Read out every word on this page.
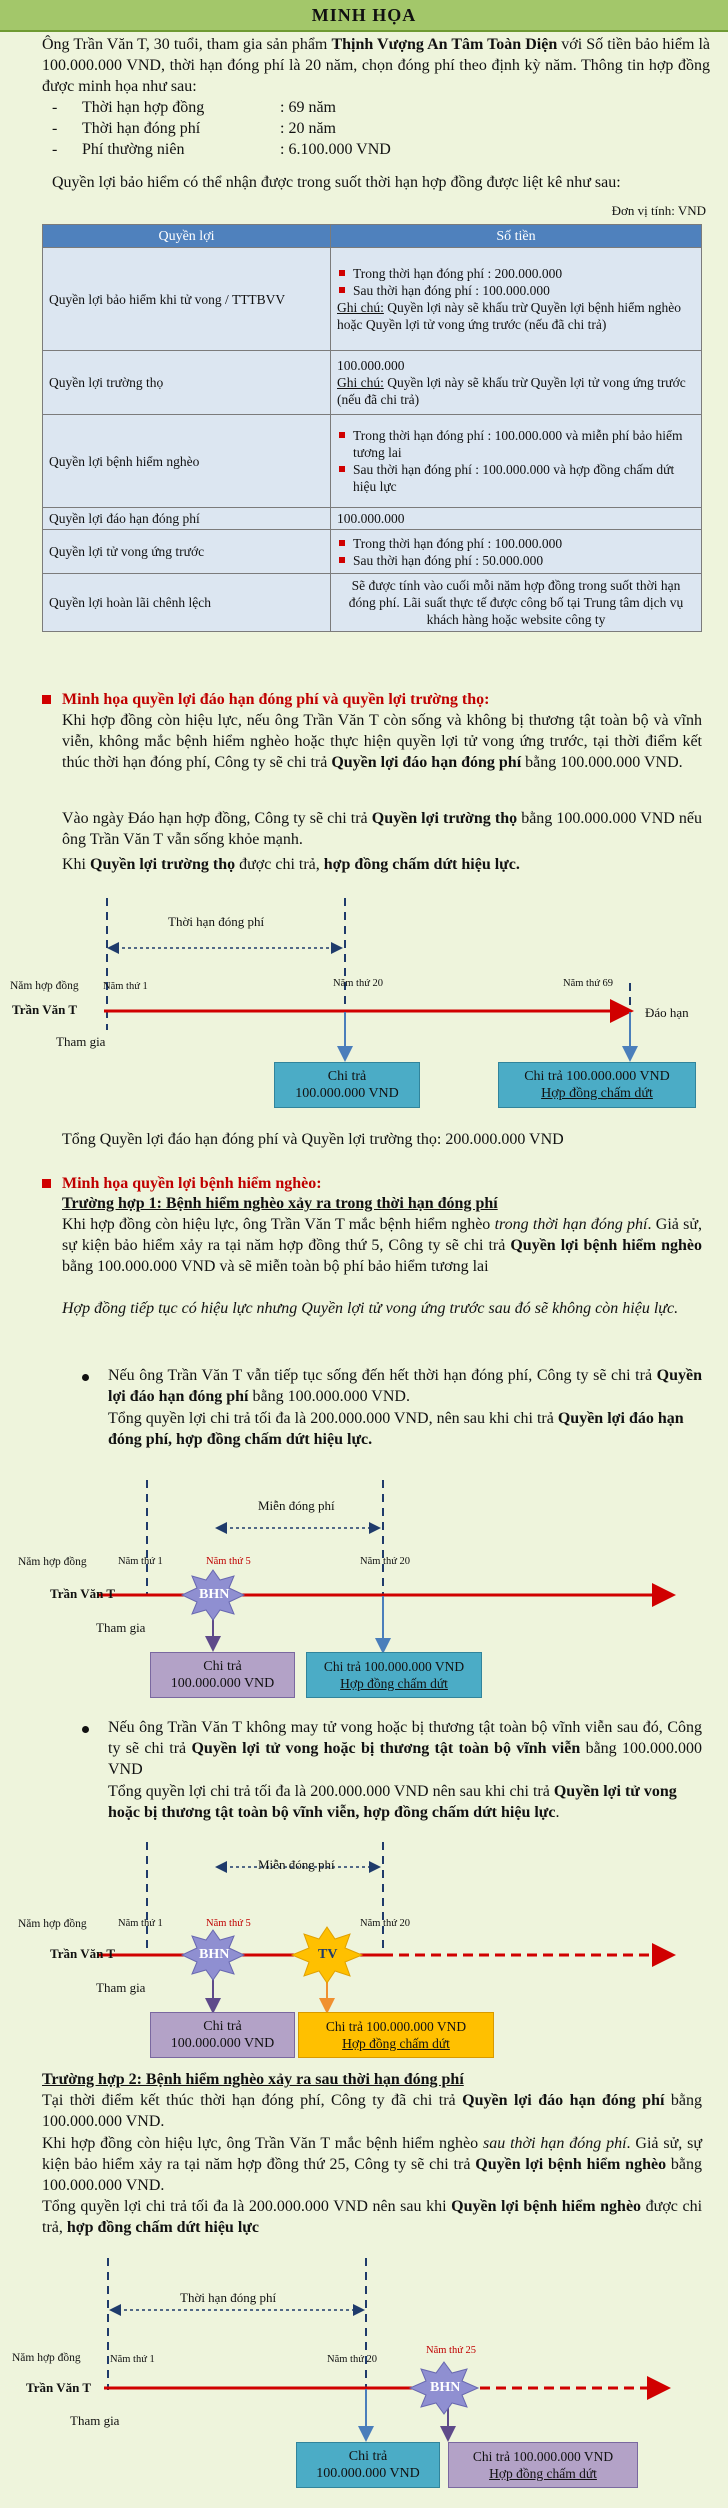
MINH HỌA
Ông Trần Văn T, 30 tuổi, tham gia sản phẩm Thịnh Vượng An Tâm Toàn Diện với Số tiền bảo hiểm là 100.000.000 VND, thời hạn đóng phí là 20 năm, chọn đóng phí theo định kỳ năm. Thông tin hợp đồng được minh họa như sau:
- Thời hạn hợp đồng	: 69 năm
- Thời hạn đóng phí	: 20 năm
- Phí thường niên	: 6.100.000 VND
Quyền lợi bảo hiểm có thể nhận được trong suốt thời hạn hợp đồng được liệt kê như sau:
Đơn vị tính: VND
Quyền lợi	Số tiền
Quyền lợi bảo hiểm khi tử vong / TTTBVV	Trong thời hạn đóng phí : 200.000.000
Sau thời hạn đóng phí : 100.000.000
Ghi chú: Quyền lợi này sẽ khấu trừ Quyền lợi bệnh hiểm nghèo hoặc Quyền lợi tử vong ứng trước (nếu đã chi trả)

Quyền lợi trường thọ	100.000.000
Ghi chú: Quyền lợi này sẽ khấu trừ Quyền lợi tử vong ứng trước (nếu đã chi trả)

Quyền lợi bệnh hiểm nghèo	Trong thời hạn đóng phí : 100.000.000 và miễn phí bảo hiểm tương lai
Sau thời hạn đóng phí : 100.000.000 và hợp đồng chấm dứt hiệu lực

Quyền lợi đáo hạn đóng phí	100.000.000
Quyền lợi tử vong ứng trước	Trong thời hạn đóng phí : 100.000.000
Sau thời hạn đóng phí : 50.000.000

Quyền lợi hoàn lãi chênh lệch	Sẽ được tính vào cuối mỗi năm hợp đồng trong suốt thời hạn đóng phí. Lãi suất thực tế được công bố tại Trung tâm dịch vụ khách hàng hoặc website công ty
Minh họa quyền lợi đáo hạn đóng phí và quyền lợi trường thọ:
Khi hợp đồng còn hiệu lực, nếu ông Trần Văn T còn sống và không bị thương tật toàn bộ và vĩnh viễn, không mắc bệnh hiểm nghèo hoặc thực hiện quyền lợi tử vong ứng trước, tại thời điểm kết thúc thời hạn đóng phí, Công ty sẽ chi trả Quyền lợi đáo hạn đóng phí bằng 100.000.000 VND.
Vào ngày Đáo hạn hợp đồng, Công ty sẽ chi trả Quyền lợi trường thọ bằng 100.000.000 VND nếu ông Trần Văn T vẫn sống khỏe mạnh.
Khi Quyền lợi trường thọ được chi trả, hợp đồng chấm dứt hiệu lực.
Thời hạn đóng phí
Năm hợp đồng Năm thứ 1	Năm thứ 20	Năm thứ 69
Trần Văn T
Tham gia
Đáo hạn
Chi trả
100.000.000 VND
Chi trả 100.000.000 VND
Hợp đồng chấm dứt
Tổng Quyền lợi đáo hạn đóng phí và Quyền lợi trường thọ: 200.000.000 VND
Minh họa quyền lợi bệnh hiểm nghèo:
Trường hợp 1: Bệnh hiểm nghèo xảy ra trong thời hạn đóng phí
Khi hợp đồng còn hiệu lực, ông Trần Văn T mắc bệnh hiểm nghèo trong thời hạn đóng phí. Giả sử, sự kiện bảo hiểm xảy ra tại năm hợp đồng thứ 5, Công ty sẽ chi trả Quyền lợi bệnh hiểm nghèo bằng 100.000.000 VND và sẽ miễn toàn bộ phí bảo hiểm tương lai
Hợp đồng tiếp tục có hiệu lực nhưng Quyền lợi tử vong ứng trước sau đó sẽ không còn hiệu lực.
Nếu ông Trần Văn T vẫn tiếp tục sống đến hết thời hạn đóng phí, Công ty sẽ chi trả Quyền lợi đáo hạn đóng phí bằng 100.000.000 VND.
Tổng quyền lợi chi trả tối đa là 200.000.000 VND, nên sau khi chi trả Quyền lợi đáo hạn đóng phí, hợp đồng chấm dứt hiệu lực.
Miễn đóng phí
Năm hợp đồng	Năm thứ 1	Năm thứ 5	Năm thứ 20
Trần Văn T
Tham gia
BHN
Chi trả
100.000.000 VND
Chi trả 100.000.000 VND
Hợp đồng chấm dứt
Nếu ông Trần Văn T không may tử vong hoặc bị thương tật toàn bộ vĩnh viễn sau đó, Công ty sẽ chi trả Quyền lợi tử vong hoặc bị thương tật toàn bộ vĩnh viễn bằng 100.000.000 VND
Tổng quyền lợi chi trả tối đa là 200.000.000 VND nên sau khi chi trả Quyền lợi tử vong hoặc bị thương tật toàn bộ vĩnh viễn, hợp đồng chấm dứt hiệu lực.
Miễn đóng phí
Năm hợp đồng	Năm thứ 1	Năm thứ 5	Năm thứ 20
Trần Văn T
Tham gia
BHN	TV
Chi trả
100.000.000 VND
Chi trả 100.000.000 VND
Hợp đồng chấm dứt
Trường hợp 2: Bệnh hiểm nghèo xảy ra sau thời hạn đóng phí
Tại thời điểm kết thúc thời hạn đóng phí, Công ty đã chi trả Quyền lợi đáo hạn đóng phí bằng 100.000.000 VND.
Khi hợp đồng còn hiệu lực, ông Trần Văn T mắc bệnh hiểm nghèo sau thời hạn đóng phí. Giả sử, sự kiện bảo hiểm xảy ra tại năm hợp đồng thứ 25, Công ty sẽ chi trả Quyền lợi bệnh hiểm nghèo bằng 100.000.000 VND.
Tổng quyền lợi chi trả tối đa là 200.000.000 VND nên sau khi Quyền lợi bệnh hiểm nghèo được chi trả, hợp đồng chấm dứt hiệu lực
Thời hạn đóng phí
Năm hợp đồng	Năm thứ 1	Năm thứ 20
Năm thứ 25
Trần Văn T
Tham gia
BHN
Chi trả
100.000.000 VND
Chi trả 100.000.000 VND
Hợp đồng chấm dứt
